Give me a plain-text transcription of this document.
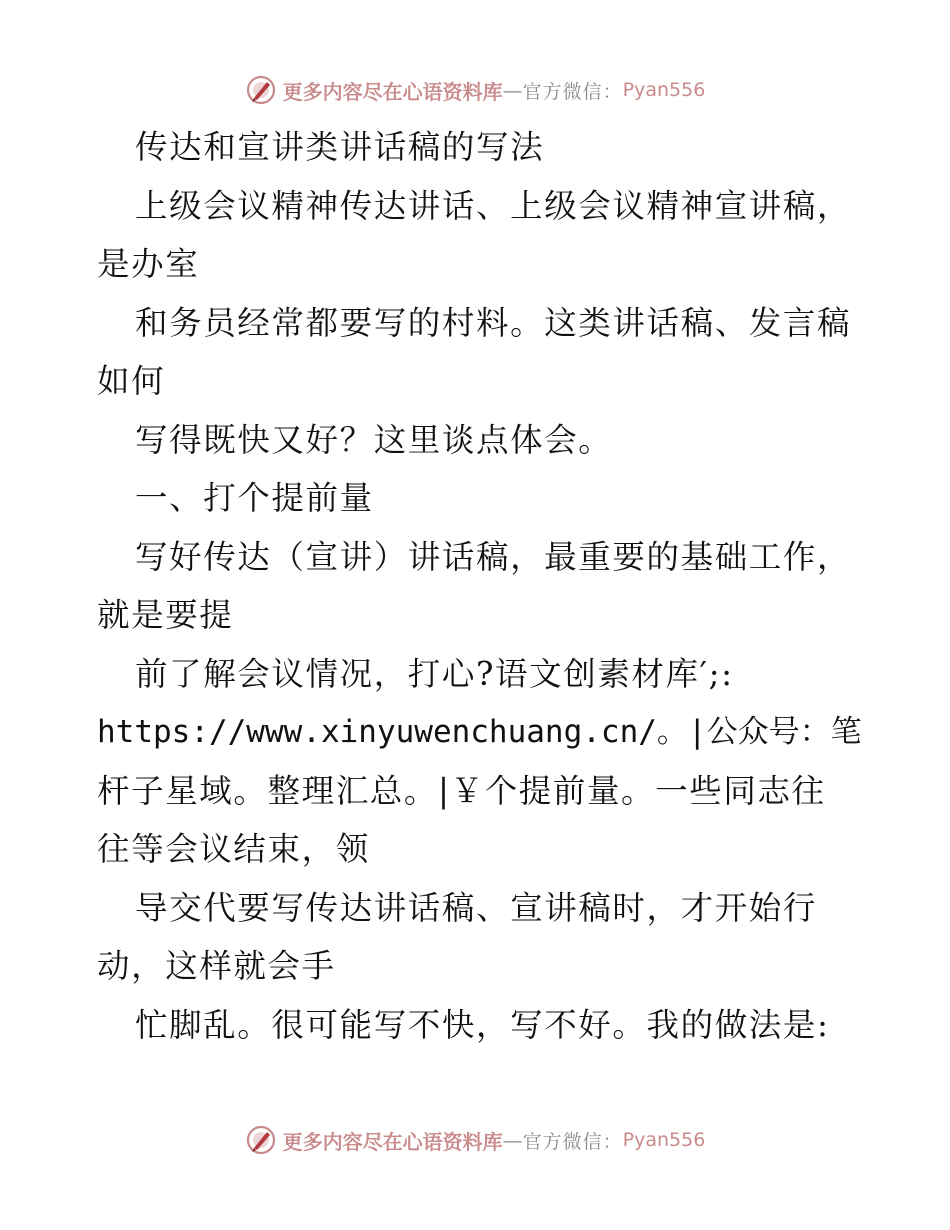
更多内容尽在心语资料库 — 官方微信： Pyan556
传达和宣讲类讲话稿的写法
上级会议精神传达讲话、上级会议精神宣讲稿，
是办室
和务员经常都要写的村料。这类讲话稿、发言稿
如何
写得既快又好？这里谈点体会。
一、打个提前量
写好传达（宣讲）讲话稿，最重要的基础工作，
就是要提
前了解会议情况，打心?语文创素材库′;:
https://www.xinyuwenchuang.cn/。|公众号：笔
杆子星域。整理汇总。|￥个提前量。一些同志往
往等会议结束，领
导交代要写传达讲话稿、宣讲稿时，才开始行
动，这样就会手
忙脚乱。很可能写不快，写不好。我的做法是:
更多内容尽在心语资料库 — 官方微信： Pyan556
